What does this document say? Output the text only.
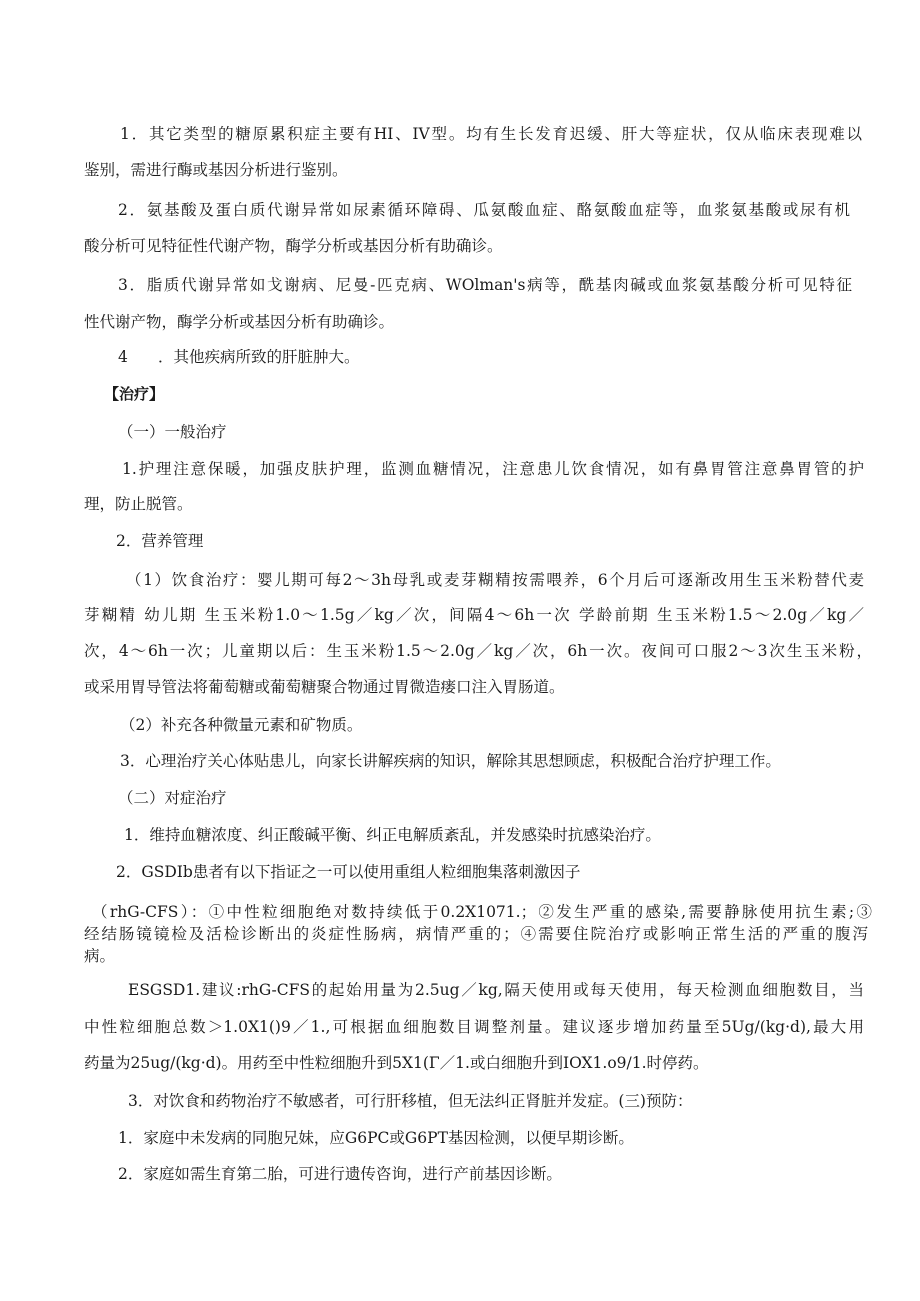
1．其它类型的糖原累积症主要有HI、IV型。均有生长发育迟缓、肝大等症状，仅从临床表现难以
鉴别，需进行酶或基因分析进行鉴别。
2．氨基酸及蛋白质代谢异常如尿素循环障碍、瓜氨酸血症、酪氨酸血症等，血浆氨基酸或尿有机
酸分析可见特征性代谢产物，酶学分析或基因分析有助确诊。
3．脂质代谢异常如戈谢病、尼曼-匹克病、WOlman's病等，酰基肉碱或血浆氨基酸分析可见特征
性代谢产物，酶学分析或基因分析有助确诊。
4 ．其他疾病所致的肝脏肿大。
【治疗】
（一）一般治疗
1.护理注意保暖，加强皮肤护理，监测血糖情况，注意患儿饮食情况，如有鼻胃管注意鼻胃管的护
理，防止脱管。
2．营养管理
（1）饮食治疗：婴儿期可每2～3h母乳或麦芽糊精按需喂养，6个月后可逐渐改用生玉米粉替代麦
芽糊精 幼儿期 生玉米粉1.0～1.5g／kg／次，间隔4～6h一次 学龄前期 生玉米粉1.5～2.0g／kg／
次，4～6h一次；儿童期以后：生玉米粉1.5～2.0g／kg／次，6h一次。夜间可口服2～3次生玉米粉，
或采用胃导管法将葡萄糖或葡萄糖聚合物通过胃微造瘘口注入胃肠道。
（2）补充各种微量元素和矿物质。
3．心理治疗关心体贴患儿，向家长讲解疾病的知识，解除其思想顾虑，积极配合治疗护理工作。
（二）对症治疗
1．维持血糖浓度、纠正酸碱平衡、纠正电解质紊乱，并发感染时抗感染治疗。
2．GSDIb患者有以下指证之一可以使用重组人粒细胞集落刺激因子
（rhG-CFS）：①中性粒细胞绝对数持续低于0.2X1071.；②发生严重的感染,需要静脉使用抗生素;③
经结肠镜镜检及活检诊断出的炎症性肠病，病情严重的；④需要住院治疗或影响正常生活的严重的腹泻
病。
ESGSD1.建议:rhG-CFS的起始用量为2.5ug／kg,隔天使用或每天使用，每天检测血细胞数目，当
中性粒细胞总数＞1.0X1()9／1.,可根据血细胞数目调整剂量。建议逐步增加药量至5Ug/(kg·d),最大用
药量为25ug/(kg·d)。用药至中性粒细胞升到5X1(Γ／1.或白细胞升到IOX1.o9/1.时停药。
3．对饮食和药物治疗不敏感者，可行肝移植，但无法纠正肾脏并发症。(三)预防：
1．家庭中未发病的同胞兄妹，应G6PC或G6PT基因检测，以便早期诊断。
2．家庭如需生育第二胎，可进行遗传咨询，进行产前基因诊断。
